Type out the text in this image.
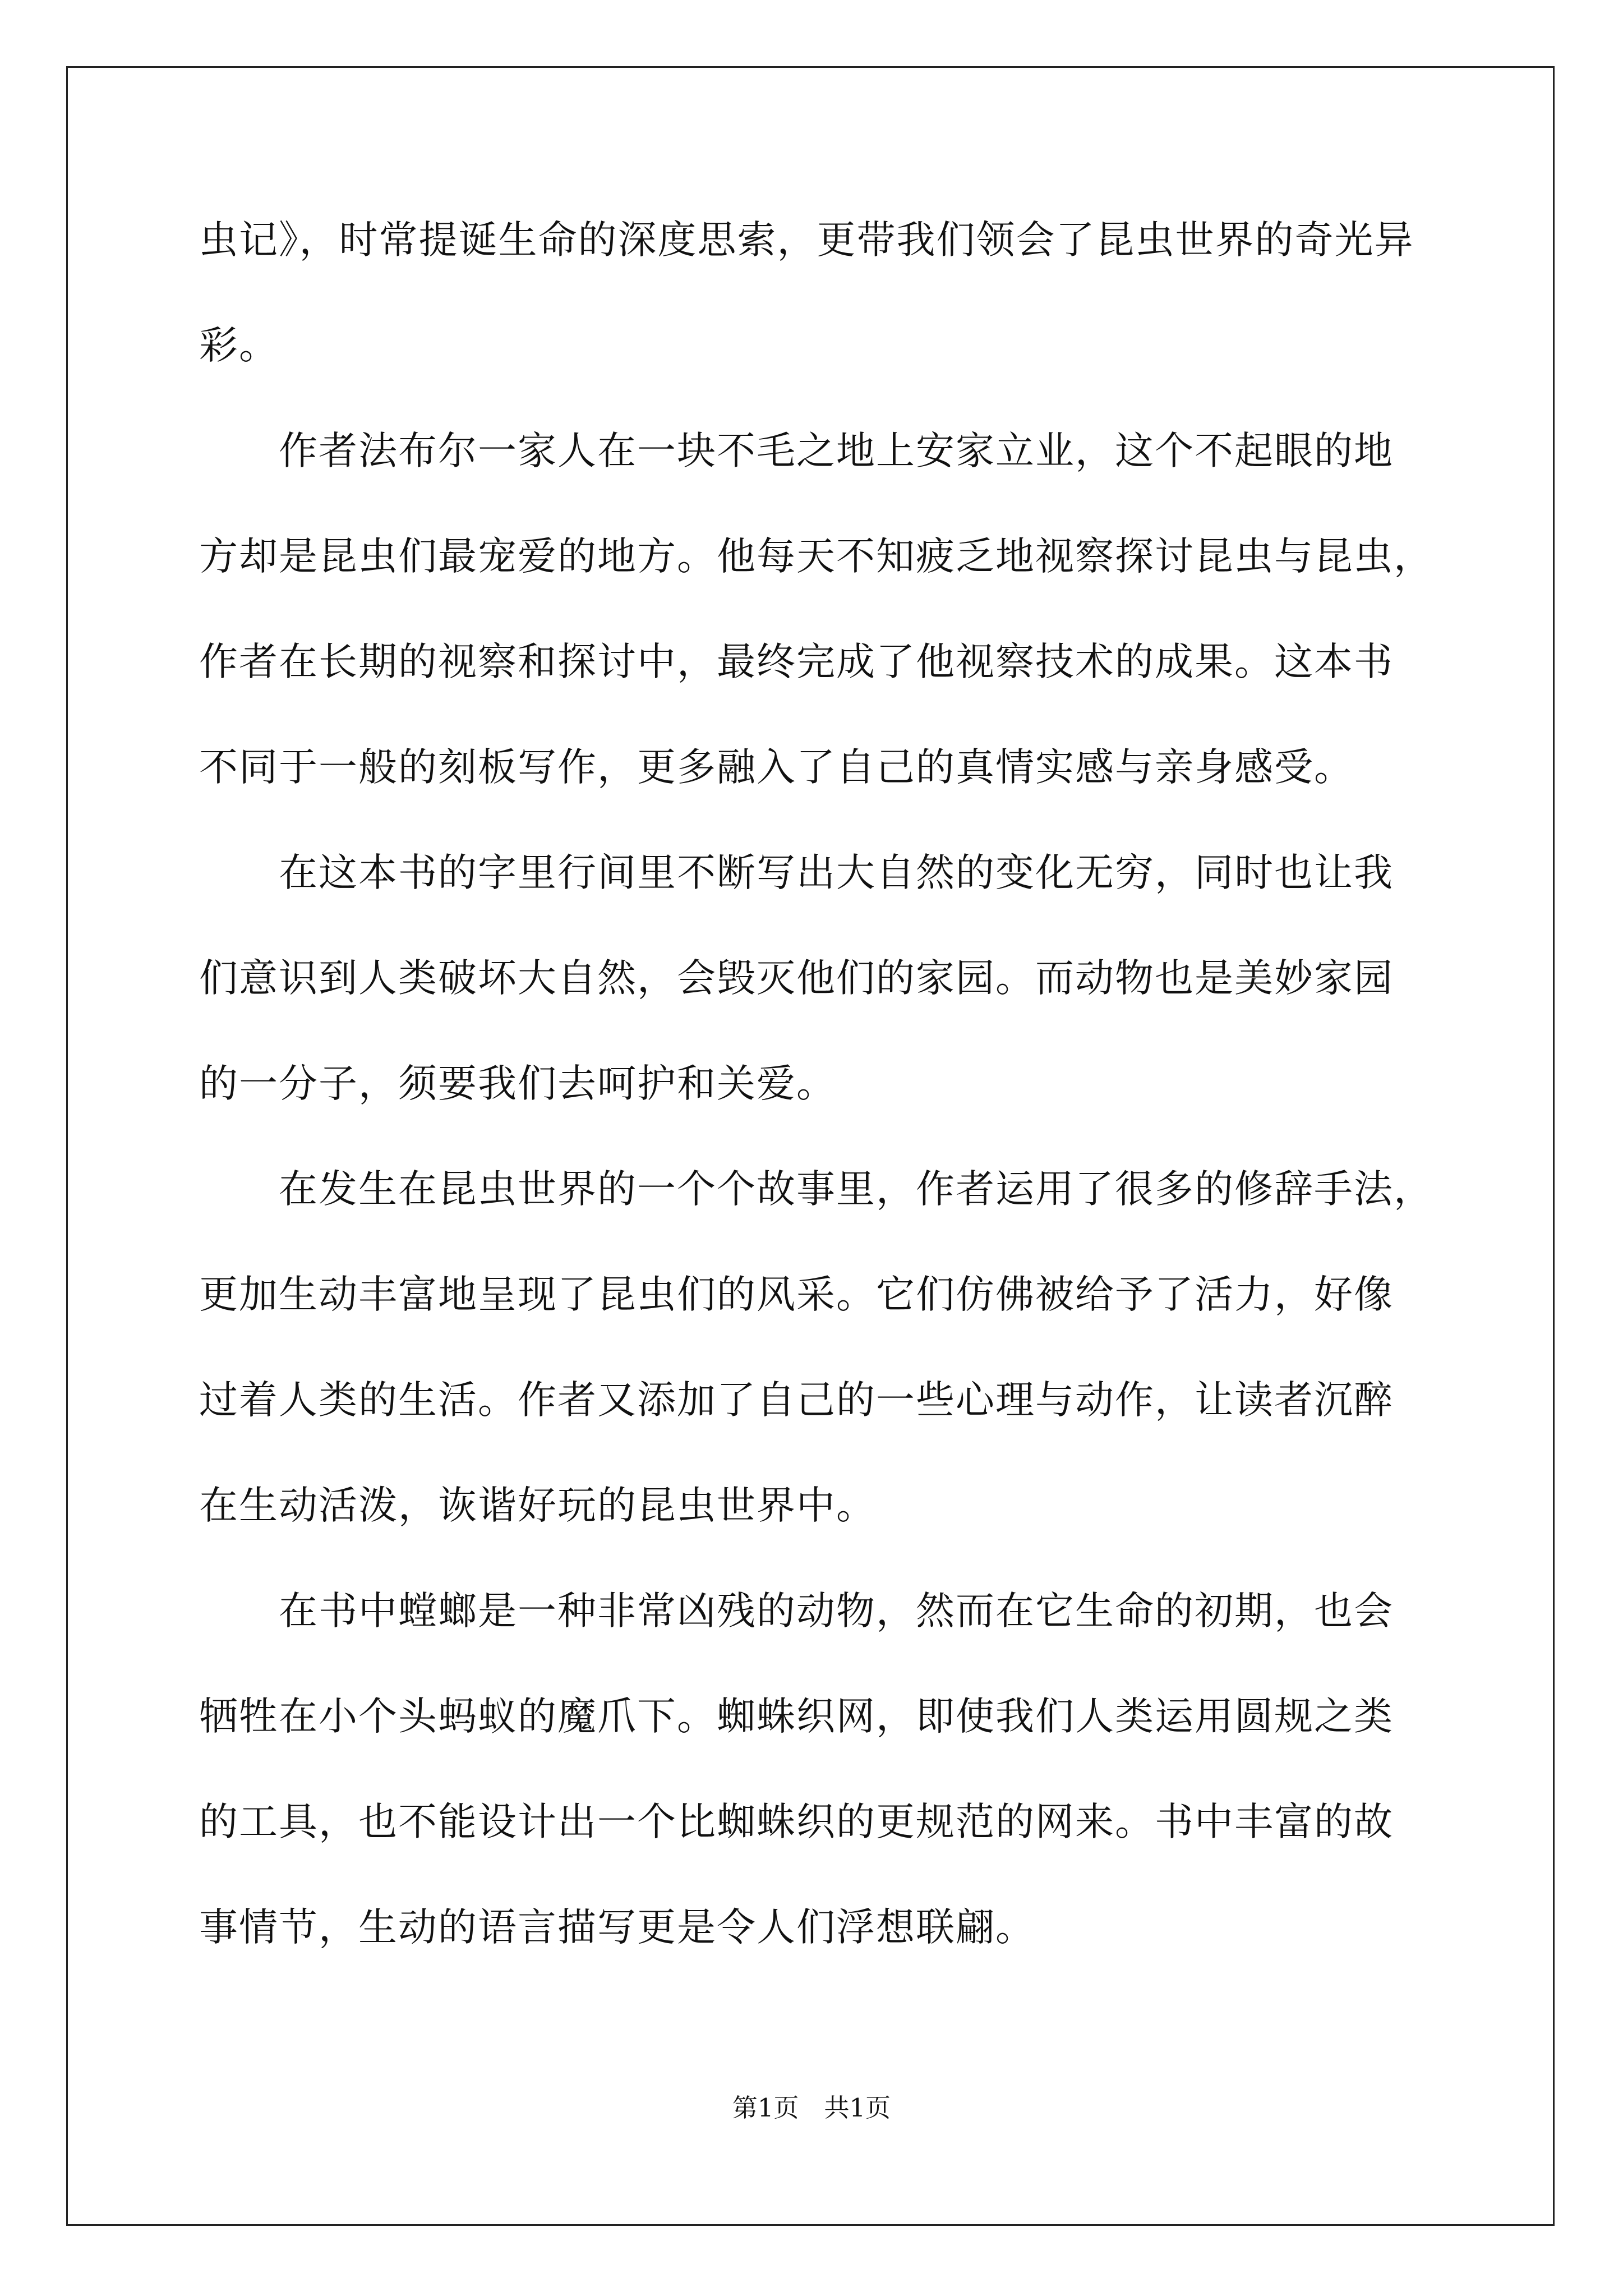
虫记》，时常提诞生命的深度思索，更带我们领会了昆虫世界的奇光异

彩。

　　作者法布尔一家人在一块不毛之地上安家立业，这个不起眼的地

方却是昆虫们最宠爱的地方。他每天不知疲乏地视察探讨昆虫与昆虫，

作者在长期的视察和探讨中，最终完成了他视察技术的成果。这本书

不同于一般的刻板写作，更多融入了自己的真情实感与亲身感受。

　　在这本书的字里行间里不断写出大自然的变化无穷，同时也让我

们意识到人类破坏大自然，会毁灭他们的家园。而动物也是美妙家园

的一分子，须要我们去呵护和关爱。

　　在发生在昆虫世界的一个个故事里，作者运用了很多的修辞手法，

更加生动丰富地呈现了昆虫们的风采。它们仿佛被给予了活力，好像

过着人类的生活。作者又添加了自己的一些心理与动作，让读者沉醉

在生动活泼，诙谐好玩的昆虫世界中。

　　在书中螳螂是一种非常凶残的动物，然而在它生命的初期，也会

牺牲在小个头蚂蚁的魔爪下。蜘蛛织网，即使我们人类运用圆规之类

的工具，也不能设计出一个比蜘蛛织的更规范的网来。书中丰富的故

事情节，生动的语言描写更是令人们浮想联翩。

第1页　共1页
